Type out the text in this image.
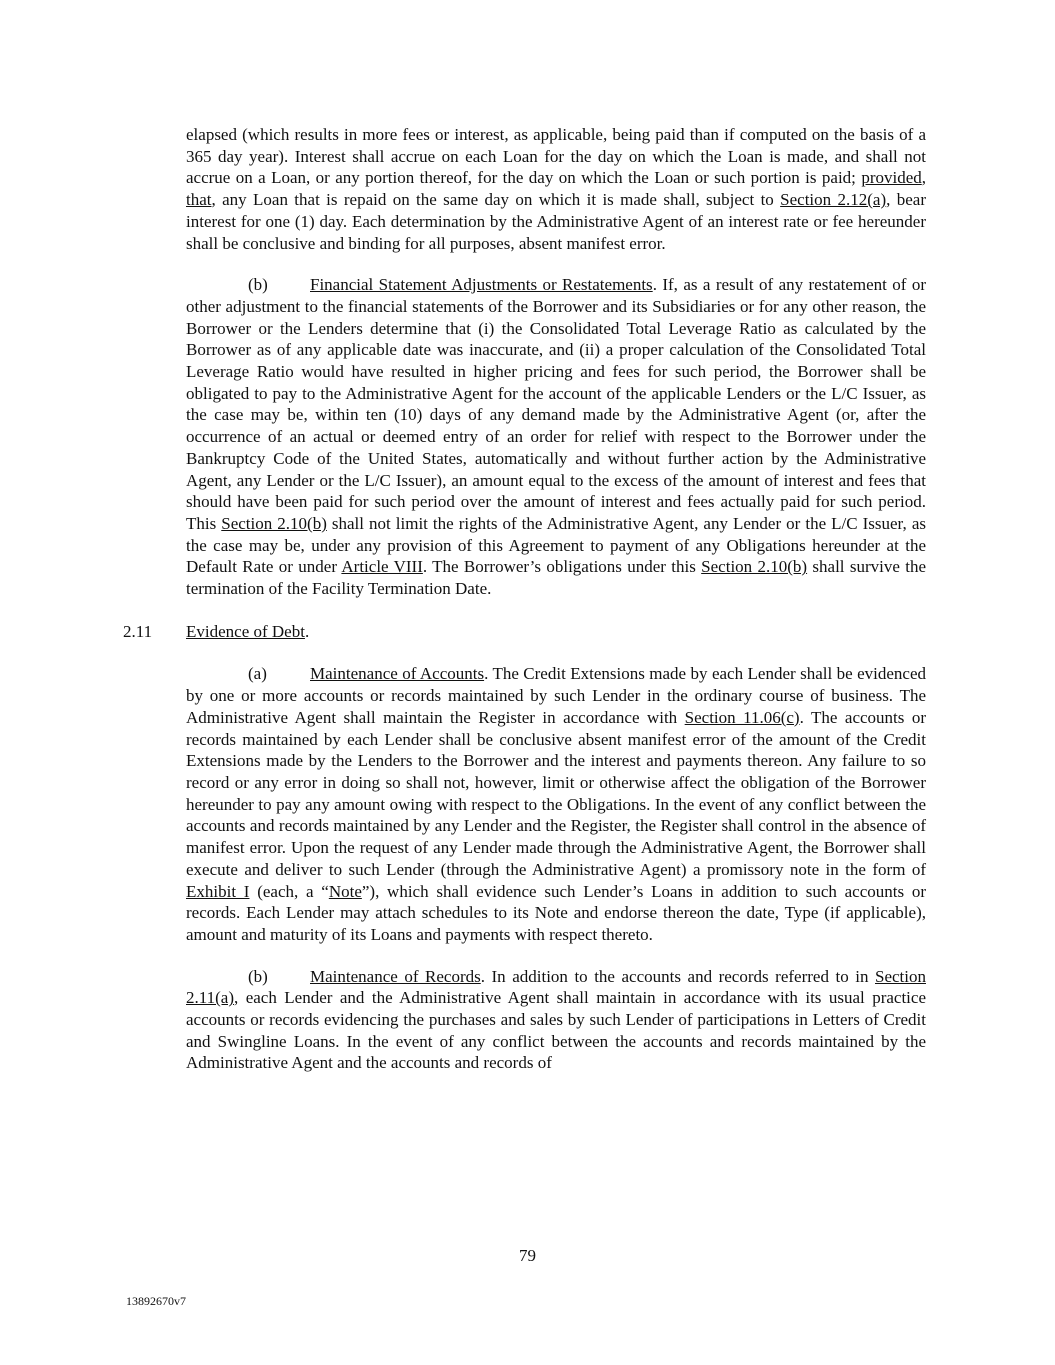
elapsed (which results in more fees or interest, as applicable, being paid than if computed on the basis of a 365 day year). Interest shall accrue on each Loan for the day on which the Loan is made, and shall not accrue on a Loan, or any portion thereof, for the day on which the Loan or such portion is paid; provided, that, any Loan that is repaid on the same day on which it is made shall, subject to Section 2.12(a), bear interest for one (1) day. Each determination by the Administrative Agent of an interest rate or fee hereunder shall be conclusive and binding for all purposes, absent manifest error.

(b) Financial Statement Adjustments or Restatements. If, as a result of any restatement of or other adjustment to the financial statements of the Borrower and its Subsidiaries or for any other reason, the Borrower or the Lenders determine that (i) the Consolidated Total Leverage Ratio as calculated by the Borrower as of any applicable date was inaccurate, and (ii) a proper calculation of the Consolidated Total Leverage Ratio would have resulted in higher pricing and fees for such period, the Borrower shall be obligated to pay to the Administrative Agent for the account of the applicable Lenders or the L/C Issuer, as the case may be, within ten (10) days of any demand made by the Administrative Agent (or, after the occurrence of an actual or deemed entry of an order for relief with respect to the Borrower under the Bankruptcy Code of the United States, automatically and without further action by the Administrative Agent, any Lender or the L/C Issuer), an amount equal to the excess of the amount of interest and fees that should have been paid for such period over the amount of interest and fees actually paid for such period. This Section 2.10(b) shall not limit the rights of the Administrative Agent, any Lender or the L/C Issuer, as the case may be, under any provision of this Agreement to payment of any Obligations hereunder at the Default Rate or under Article VIII. The Borrower’s obligations under this Section 2.10(b) shall survive the termination of the Facility Termination Date.

2.11 Evidence of Debt.

(a)	Maintenance of Accounts. The Credit Extensions made by each Lender shall be evidenced by one or more accounts or records maintained by such Lender in the ordinary course of business. The Administrative Agent shall maintain the Register in accordance with Section 11.06(c). The accounts or records maintained by each Lender shall be conclusive absent manifest error of the amount of the Credit Extensions made by the Lenders to the Borrower and the interest and payments thereon. Any failure to so record or any error in doing so shall not, however, limit or otherwise affect the obligation of the Borrower hereunder to pay any amount owing with respect to the Obligations. In the event of any conflict between the accounts and records maintained by any Lender and the Register, the Register shall control in the absence of manifest error. Upon the request of any Lender made through the Administrative Agent, the Borrower shall execute and deliver to such Lender (through the Administrative Agent) a promissory note in the form of Exhibit I (each, a “Note”), which shall evidence such Lender’s Loans in addition to such accounts or records. Each Lender may attach schedules to its Note and endorse thereon the date, Type (if applicable), amount and maturity of its Loans and payments with respect thereto.

(b) Maintenance of Records. In addition to the accounts and records referred to in Section 2.11(a), each Lender and the Administrative Agent shall maintain in accordance with its usual practice accounts or records evidencing the purchases and sales by such Lender of participations in Letters of Credit and Swingline Loans. In the event of any conflict between the accounts and records maintained by the Administrative Agent and the accounts and records of

79
13892670v7
